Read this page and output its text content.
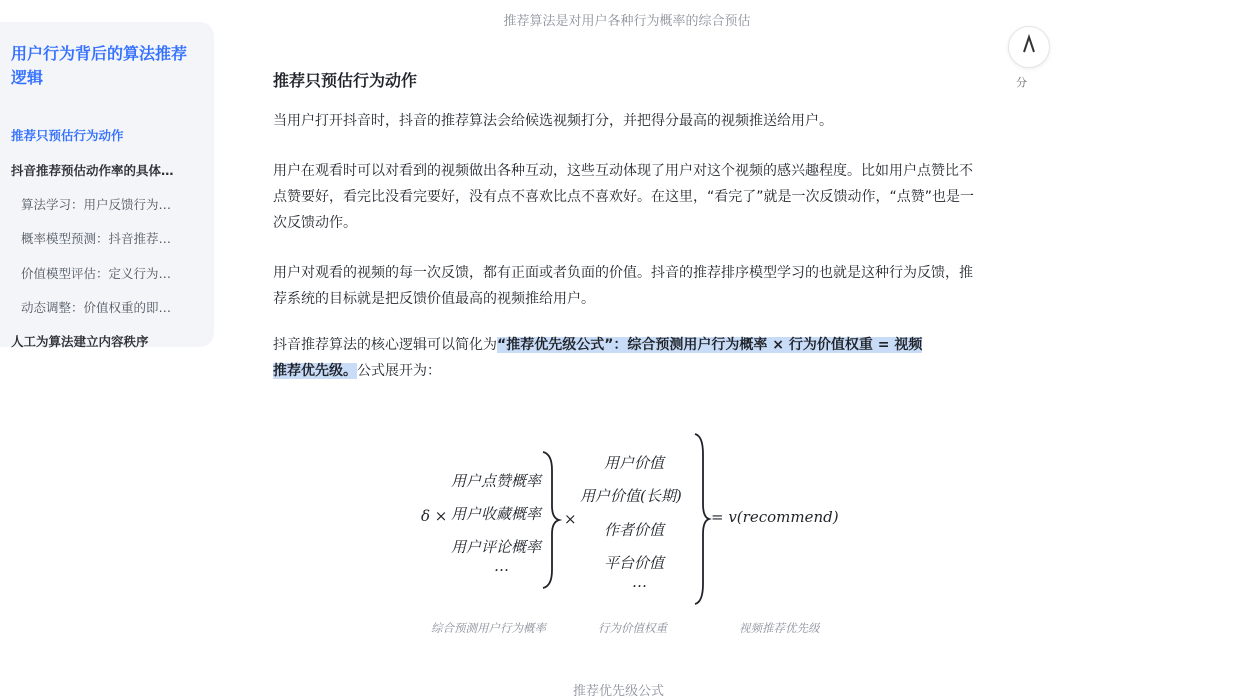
推荐算法是对用户各种行为概率的综合预估
用户行为背后的算法推荐逻辑
推荐只预估行为动作
抖音推荐预估动作率的具体…
算法学习：用户反馈行为…
概率模型预测：抖音推荐…
价值模型评估：定义行为…
动态调整：价值权重的即…
人工为算法建立内容秩序
分
推荐只预估行为动作

当用户打开抖音时，抖音的推荐算法会给候选视频打分，并把得分最高的视频推送给用户。

用户在观看时可以对看到的视频做出各种互动，这些互动体现了用户对这个视频的感兴趣程度。比如用户点赞比不点赞要好，看完比没看完要好，没有点不喜欢比点不喜欢好。在这里，“看完了”就是一次反馈动作，“点赞”也是一次反馈动作。

用户对观看的视频的每一次反馈，都有正面或者负面的价值。抖音的推荐排序模型学习的也就是这种行为反馈，推荐系统的目标就是把反馈价值最高的视频推给用户。

抖音推荐算法的核心逻辑可以简化为“推荐优先级公式”：综合预测用户行为概率 × 行为价值权重 = 视频
推荐优先级。公式展开为：

δ ×
用户点赞概率
用户收藏概率
用户评论概率
…
×
用户价值
用户价值(长期)
作者价值
平台价值
…
= v(recommend)
综合预测用户行为概率	行为价值权重	视频推荐优先级
推荐优先级公式
